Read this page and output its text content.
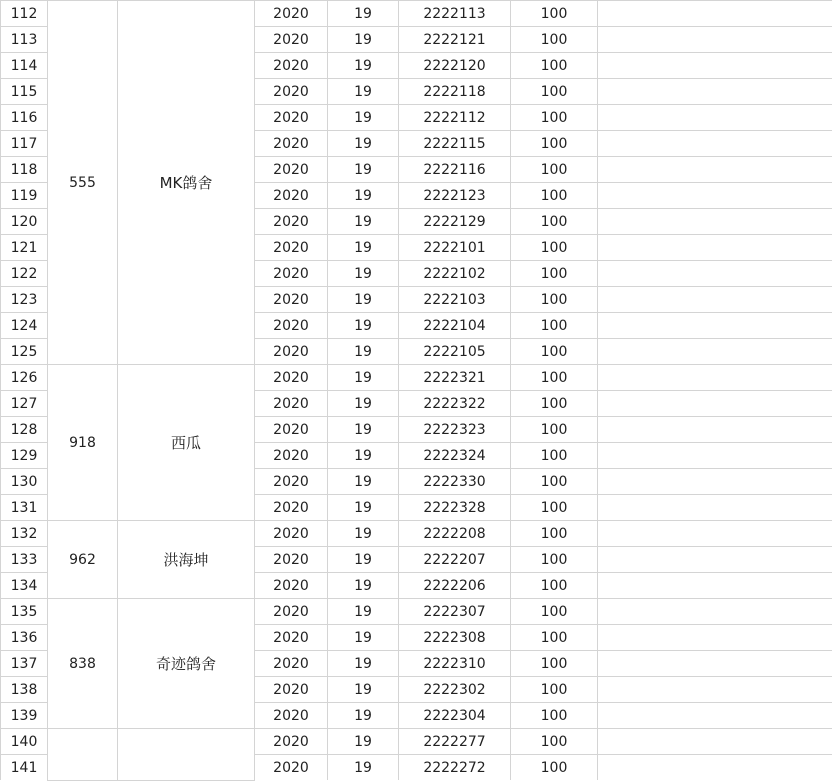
112	555	MK鸽舍	2020	19	2222113	100		
113			2020	19	2222121	100		
114			2020	19	2222120	100		
115			2020	19	2222118	100		
116			2020	19	2222112	100		
117			2020	19	2222115	100		
118			2020	19	2222116	100		
119			2020	19	2222123	100		
120			2020	19	2222129	100		
121			2020	19	2222101	100		
122			2020	19	2222102	100		
123			2020	19	2222103	100		
124			2020	19	2222104	100		
125			2020	19	2222105	100		
126	918	西瓜	2020	19	2222321	100		
127			2020	19	2222322	100		
128			2020	19	2222323	100		
129			2020	19	2222324	100		
130			2020	19	2222330	100		
131			2020	19	2222328	100		
132	962	洪海坤	2020	19	2222208	100		
133			2020	19	2222207	100		
134			2020	19	2222206	100		
135	838	奇迹鸽舍	2020	19	2222307	100		
136			2020	19	2222308	100		
137			2020	19	2222310	100		
138			2020	19	2222302	100		
139			2020	19	2222304	100		
140			2020	19	2222277	100		
141			2020	19	2222272	100		
